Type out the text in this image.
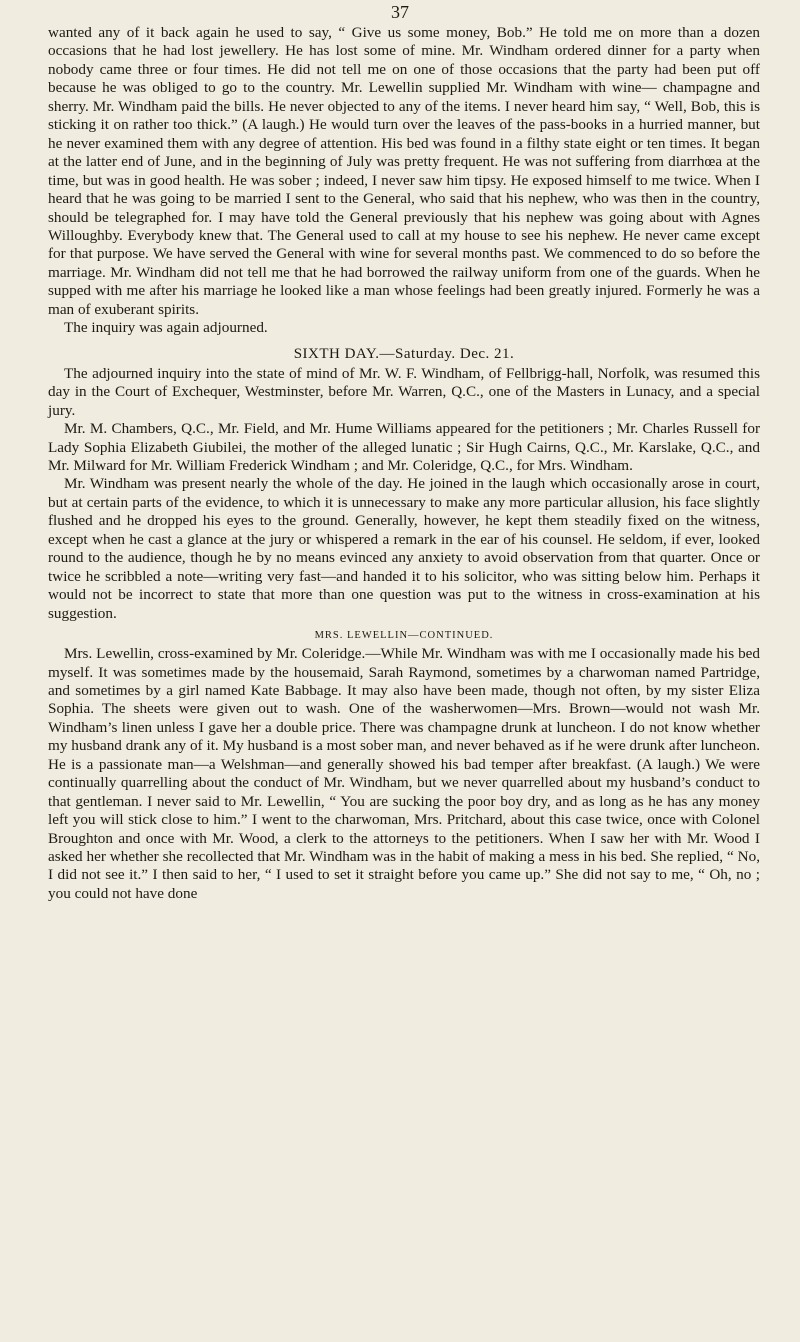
37

wanted any of it back again he used to say, “ Give us some money, Bob.” He told me on more than a dozen occasions that he had lost jewellery. He has lost some of mine. Mr. Windham ordered dinner for a party when nobody came three or four times. He did not tell me on one of those occasions that the party had been put off because he was obliged to go to the country. Mr. Lewellin supplied Mr. Windham with wine— champagne and sherry. Mr. Windham paid the bills. He never objected to any of the items. I never heard him say, “ Well, Bob, this is sticking it on rather too thick.” (A laugh.) He would turn over the leaves of the pass-books in a hurried manner, but he never examined them with any degree of attention. His bed was found in a filthy state eight or ten times. It began at the latter end of June, and in the beginning of July was pretty frequent. He was not suffering from diarrhœa at the time, but was in good health. He was sober ; indeed, I never saw him tipsy. He exposed himself to me twice. When I heard that he was going to be married I sent to the General, who said that his nephew, who was then in the country, should be telegraphed for. I may have told the General previously that his nephew was going about with Agnes Willoughby. Everybody knew that. The General used to call at my house to see his nephew. He never came except for that purpose. We have served the General with wine for several months past. We commenced to do so before the marriage. Mr. Windham did not tell me that he had borrowed the railway uniform from one of the guards. When he supped with me after his marriage he looked like a man whose feelings had been greatly injured. Formerly he was a man of exuberant spirits.

The inquiry was again adjourned.

SIXTH DAY.—Saturday. Dec. 21.

The adjourned inquiry into the state of mind of Mr. W. F. Windham, of Fellbrigg-hall, Norfolk, was resumed this day in the Court of Exchequer, Westminster, before Mr. Warren, Q.C., one of the Masters in Lunacy, and a special jury.

Mr. M. Chambers, Q.C., Mr. Field, and Mr. Hume Williams appeared for the petitioners ; Mr. Charles Russell for Lady Sophia Elizabeth Giubilei, the mother of the alleged lunatic ; Sir Hugh Cairns, Q.C., Mr. Karslake, Q.C., and Mr. Milward for Mr. William Frederick Windham ; and Mr. Coleridge, Q.C., for Mrs. Windham.

Mr. Windham was present nearly the whole of the day. He joined in the laugh which occasionally arose in court, but at certain parts of the evidence, to which it is unnecessary to make any more particular allusion, his face slightly flushed and he dropped his eyes to the ground. Generally, however, he kept them steadily fixed on the witness, except when he cast a glance at the jury or whispered a remark in the ear of his counsel. He seldom, if ever, looked round to the audience, though he by no means evinced any anxiety to avoid observation from that quarter. Once or twice he scribbled a note—writing very fast—and handed it to his solicitor, who was sitting below him. Perhaps it would not be incorrect to state that more than one question was put to the witness in cross-examination at his suggestion.

MRS. LEWELLIN—CONTINUED.

Mrs. Lewellin, cross-examined by Mr. Coleridge.—While Mr. Windham was with me I occasionally made his bed myself. It was sometimes made by the housemaid, Sarah Raymond, sometimes by a charwoman named Partridge, and sometimes by a girl named Kate Babbage. It may also have been made, though not often, by my sister Eliza Sophia. The sheets were given out to wash. One of the washerwomen—Mrs. Brown—would not wash Mr. Windham’s linen unless I gave her a double price. There was champagne drunk at luncheon. I do not know whether my husband drank any of it. My husband is a most sober man, and never behaved as if he were drunk after luncheon. He is a passionate man—a Welshman—and generally showed his bad temper after breakfast. (A laugh.) We were continually quarrelling about the conduct of Mr. Windham, but we never quarrelled about my husband’s conduct to that gentleman. I never said to Mr. Lewellin, “ You are sucking the poor boy dry, and as long as he has any money left you will stick close to him.” I went to the charwoman, Mrs. Pritchard, about this case twice, once with Colonel Broughton and once with Mr. Wood, a clerk to the attorneys to the petitioners. When I saw her with Mr. Wood I asked her whether she recollected that Mr. Windham was in the habit of making a mess in his bed. She replied, “ No, I did not see it.” I then said to her, “ I used to set it straight before you came up.” She did not say to me, “ Oh, no ; you could not have done
